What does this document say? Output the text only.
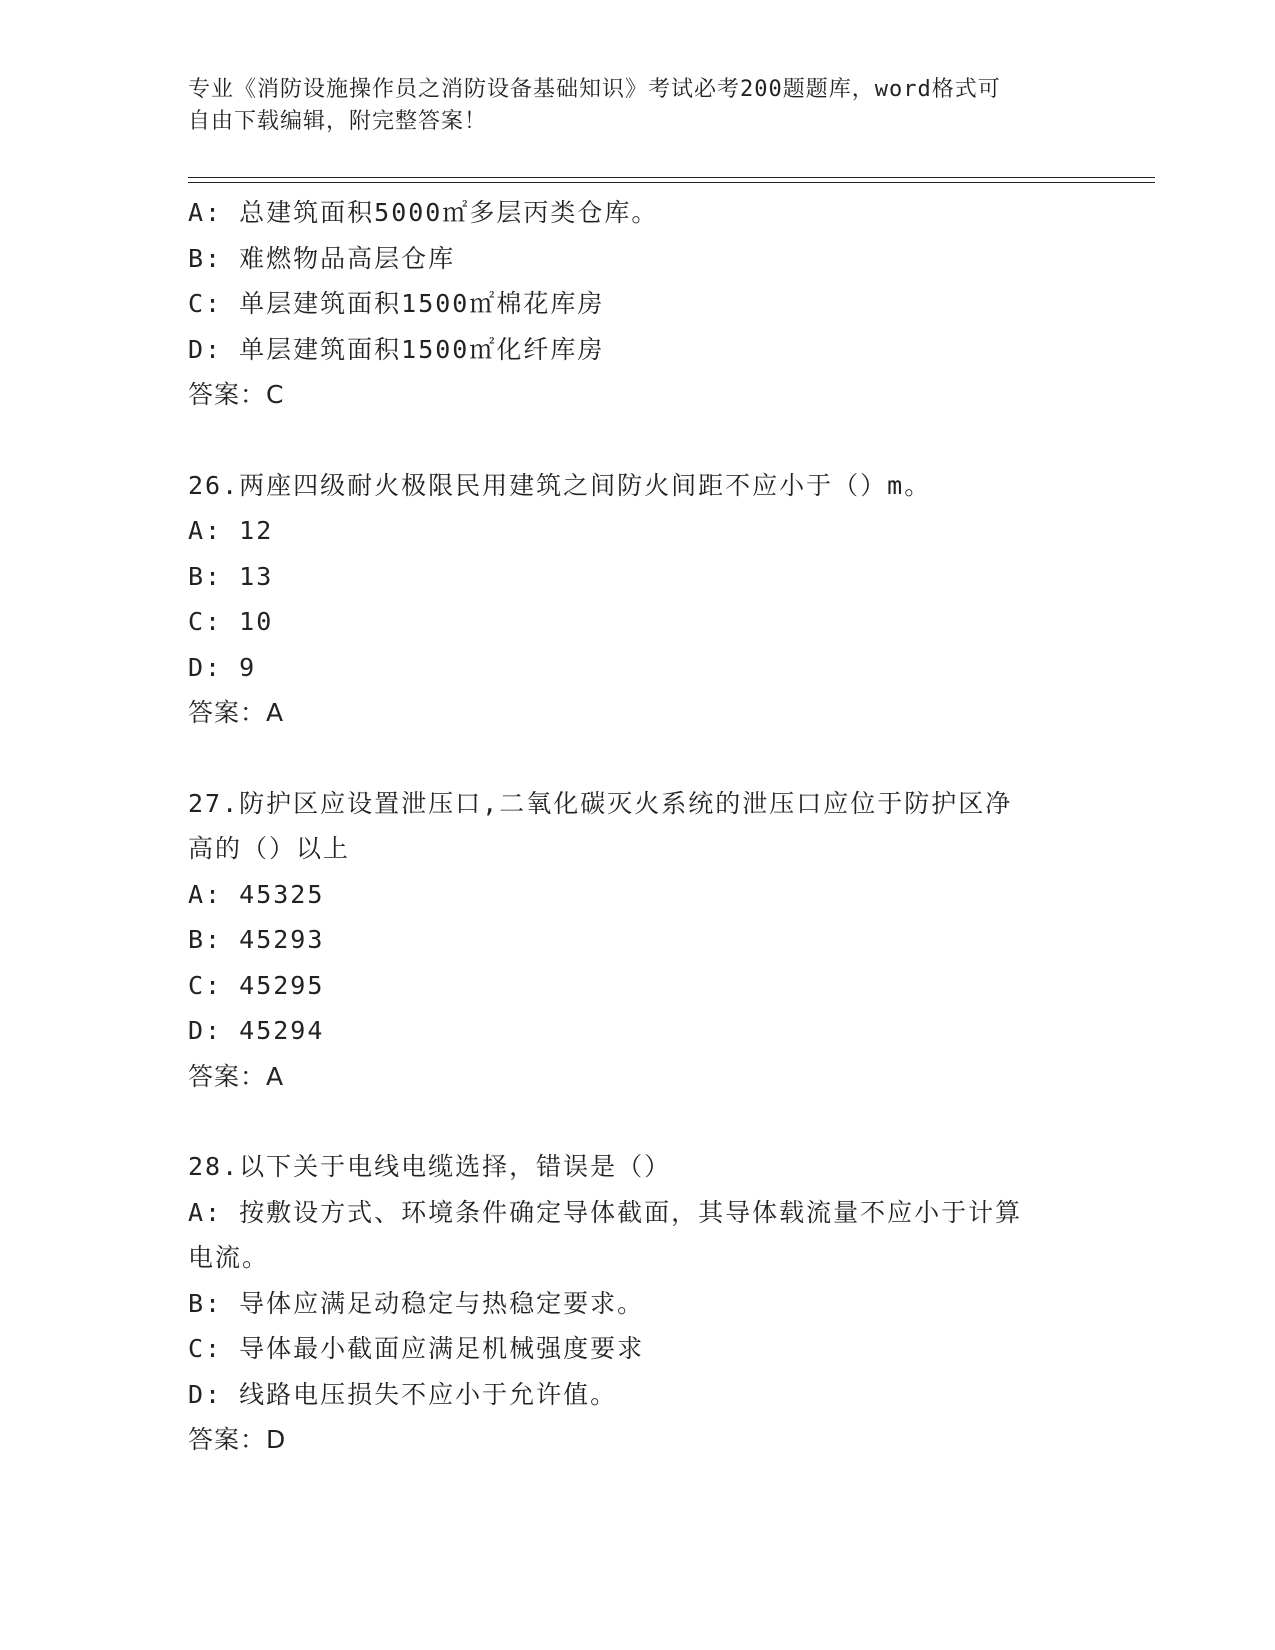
专业《消防设施操作员之消防设备基础知识》考试必考200题题库，word格式可
自由下载编辑，附完整答案！
A: 总建筑面积5000㎡多层丙类仓库。
B: 难燃物品高层仓库
C: 单层建筑面积1500㎡棉花库房
D: 单层建筑面积1500㎡化纤库房
答案：C
26.两座四级耐火极限民用建筑之间防火间距不应小于（）m。
A: 12
B: 13
C: 10
D: 9
答案：A
27.防护区应设置泄压口,二氧化碳灭火系统的泄压口应位于防护区净
高的（）以上
A: 45325
B: 45293
C: 45295
D: 45294
答案：A
28.以下关于电线电缆选择，错误是（）
A: 按敷设方式、环境条件确定导体截面，其导体载流量不应小于计算
电流。
B: 导体应满足动稳定与热稳定要求。
C: 导体最小截面应满足机械强度要求
D: 线路电压损失不应小于允许值。
答案：D
